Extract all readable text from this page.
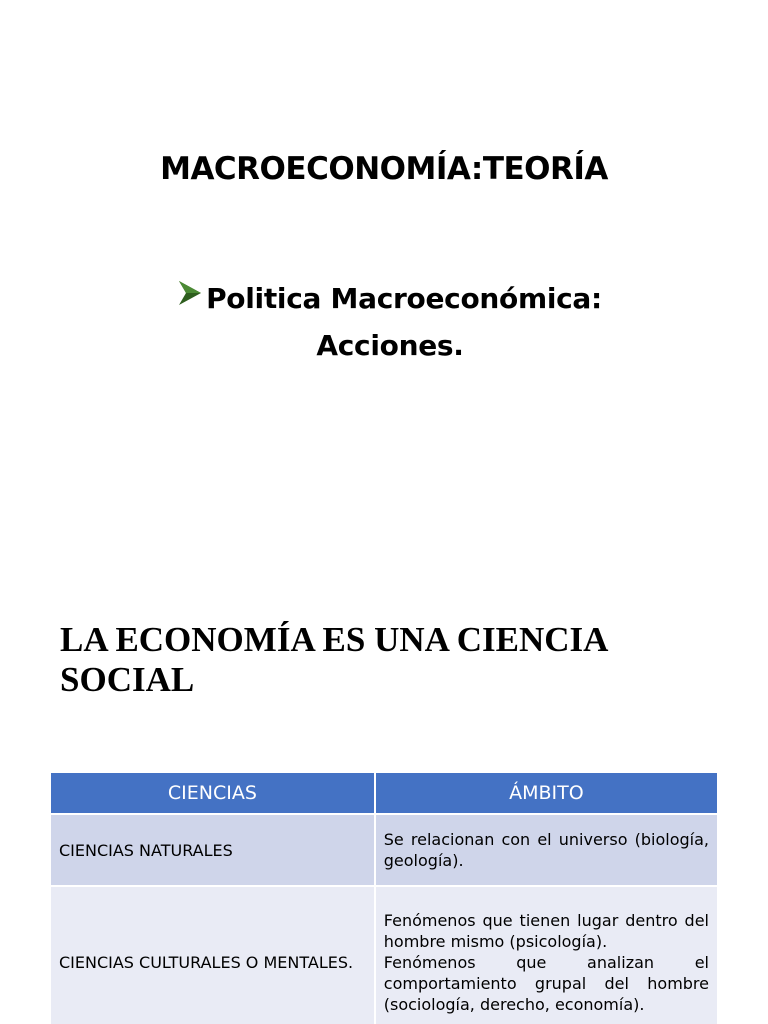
MACROECONOMÍA:TEORÍA
Politica Macroeconómica:
Acciones.
LA ECONOMÍA ES UNA CIENCIA SOCIAL
CIENCIAS	ÁMBITO
CIENCIAS NATURALES	Se relacionan con el universo (biología, geología).
CIENCIAS CULTURALES O MENTALES.	Fenómenos que tienen lugar dentro del hombre mismo (psicología).
Fenómenos que analizan el comportamiento grupal del hombre (sociología, derecho, economía).
